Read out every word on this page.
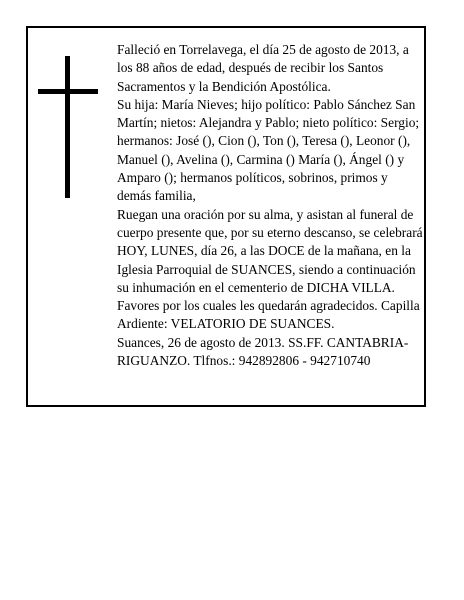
Falleció en Torrelavega, el día 25 de agosto de 2013, a los 88 años de edad, después de recibir los Santos Sacramentos y la Bendición Apostólica.

Su hija: María Nieves; hijo político: Pablo Sánchez San Martín; nietos: Alejandra y Pablo; nieto político: Sergio; hermanos: José (), Cion (), Ton (), Teresa (), Leonor (), Manuel (), Avelina (), Carmina () María (), Ángel () y Amparo (); hermanos políticos, sobrinos, primos y demás familia,

Ruegan una oración por su alma, y asistan al funeral de cuerpo presente que, por su eterno descanso, se celebrará HOY, LUNES, día 26, a las DOCE de la mañana, en la Iglesia Parroquial de SUANCES, siendo a continuación su inhumación en el cementerio de DICHA VILLA. Favores por los cuales les quedarán agradecidos. Capilla Ardiente: VELATORIO DE SUANCES.

Suances, 26 de agosto de 2013. SS.FF. CANTABRIA-RIGUANZO. Tlfnos.: 942892806 - 942710740
